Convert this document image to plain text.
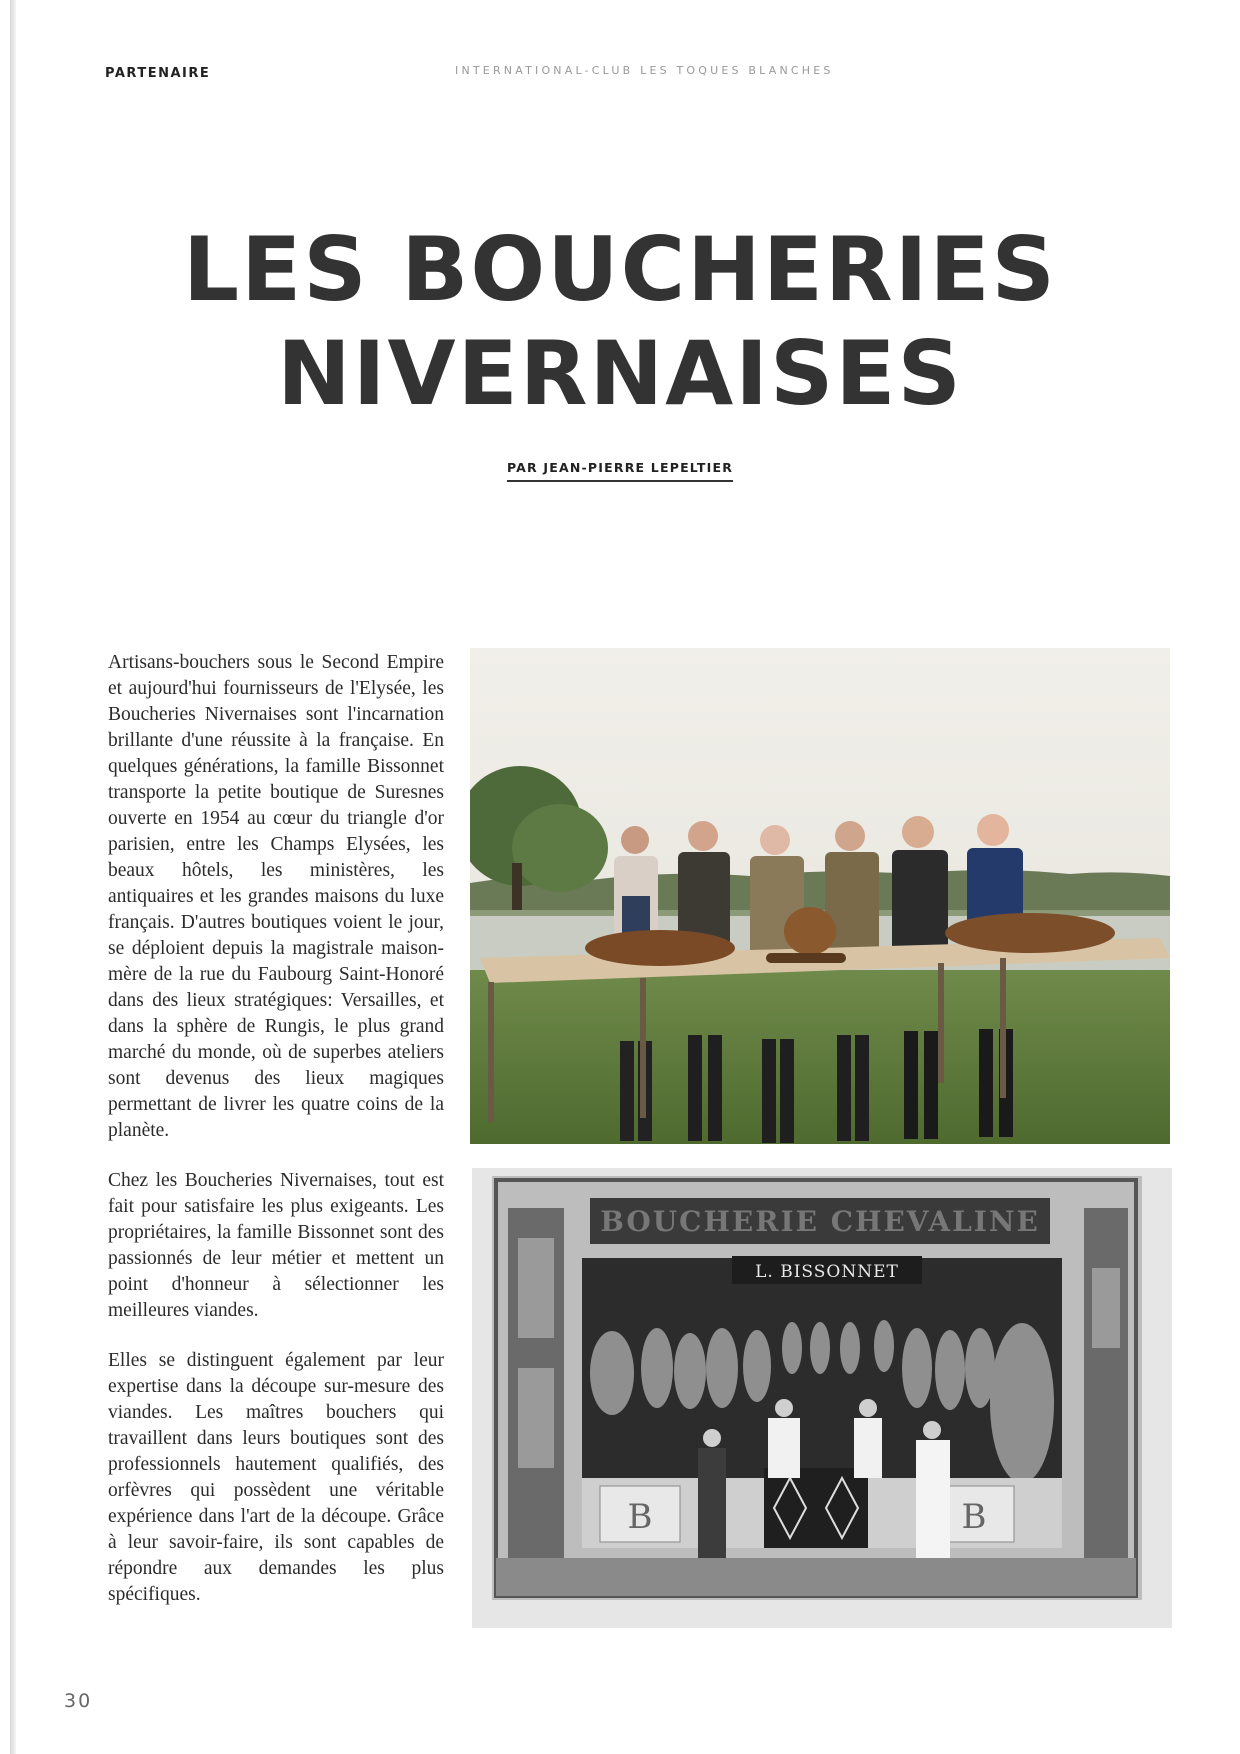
PARTENAIRE	INTERNATIONAL-CLUB LES TOQUES BLANCHES
LES BOUCHERIES
NIVERNAISES
PAR JEAN-PIERRE LEPELTIER

Artisans-bouchers sous le Second Empire et aujourd'hui fournisseurs de l'Elysée, les Boucheries Nivernaises sont l'incarnation brillante d'une réussite à la française. En quelques générations, la famille Bissonnet transporte la petite boutique de Suresnes ouverte en 1954 au cœur du triangle d'or parisien, entre les Champs Elysées, les beaux hôtels, les ministères, les antiquaires et les grandes maisons du luxe français. D'autres boutiques voient le jour, se déploient depuis la magistrale maison-mère de la rue du Faubourg Saint-Honoré dans des lieux stratégiques: Versailles, et dans la sphère de Rungis, le plus grand marché du monde, où de superbes ateliers sont devenus des lieux magiques permettant de livrer les quatre coins de la planète.

Chez les Boucheries Nivernaises, tout est fait pour satisfaire les plus exigeants. Les propriétaires, la famille Bissonnet sont des passionnés de leur métier et mettent un point d'honneur à sélectionner les meilleures viandes.

Elles se distinguent également par leur expertise dans la découpe sur-mesure des viandes. Les maîtres bouchers qui travaillent dans leurs boutiques sont des professionnels hautement qualifiés, des orfèvres qui possèdent une véritable expérience dans l'art de la découpe. Grâce à leur savoir-faire, ils sont capables de répondre aux demandes les plus spécifiques.

BOUCHERIE CHEVALINE
L. BISSONNET
B	B
30
